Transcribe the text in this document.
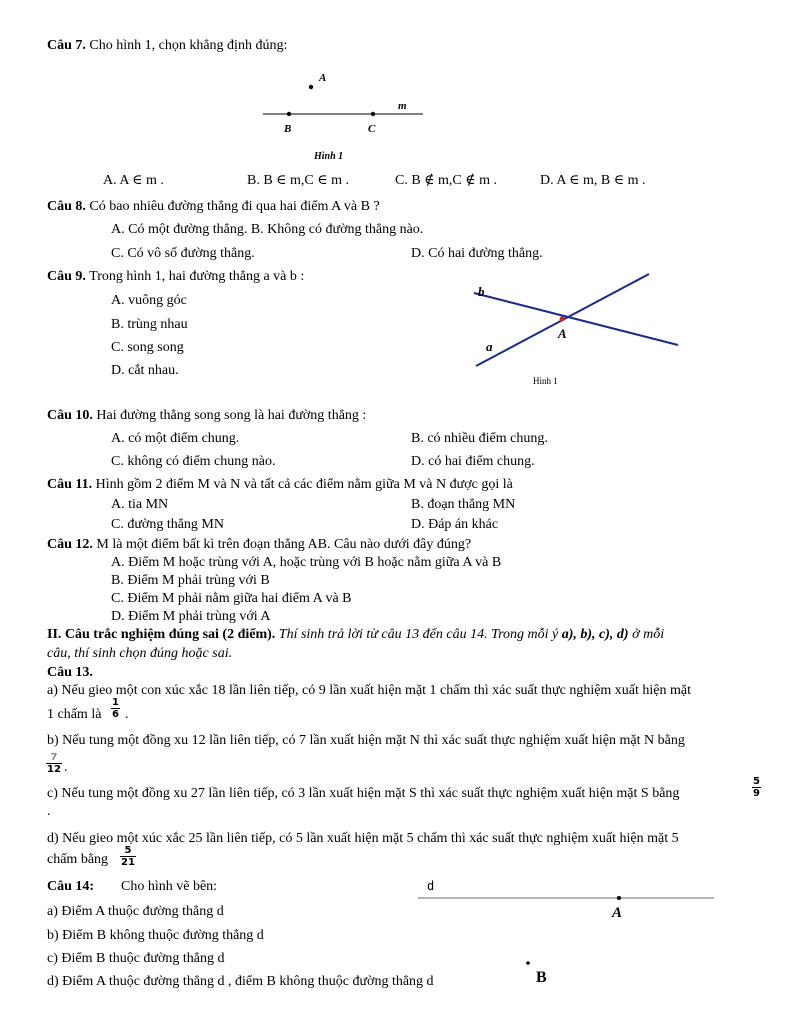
Câu 7. Cho hình 1, chọn khẳng định đúng:
A
m
B	C
Hình 1
A. A ∈ m .	B. B ∈ m,C ∈ m .	C. B ∉ m,C ∉ m .	D. A ∈ m, B ∈ m .
Câu 8. Có bao nhiêu đường thẳng đi qua hai điểm A và B ?
A. Có một đường thẳng. B. Không có đường thẳng nào.
C. Có vô số đường thẳng.	D. Có hai đường thẳng.
Câu 9. Trong hình 1, hai đường thẳng a và b :
A. vuông góc
B. trùng nhau
C. song song
D. cắt nhau.
b
a
A
Hình 1
Câu 10. Hai đường thẳng song song là hai đường thẳng :
A. có một điểm chung.	B. có nhiều điểm chung.
C. không có điểm chung nào.	D. có hai điểm chung.
Câu 11. Hình gồm 2 điểm M và N và tất cả các điểm nằm giữa M và N được gọi là
A. tia MN	B. đoạn thẳng MN
C. đường thẳng MN	D. Đáp án khác
Câu 12. M là một điểm bất kì trên đoạn thẳng AB. Câu nào dưới đây đúng?
A. Điểm M hoặc trùng với A, hoặc trùng với B hoặc nằm giữa A và B
B. Điểm M phải trùng với B
C. Điểm M phải nằm giữa hai điểm A và B
D. Điểm M phải trùng với A
II. Câu trắc nghiệm đúng sai (2 điểm). Thí sinh trả lời từ câu 13 đến câu 14. Trong mỗi ý a), b), c), d) ở mỗi
câu, thí sinh chọn đúng hoặc sai.
Câu 13.
a) Nếu gieo một con xúc xắc 18 lần liên tiếp, có 9 lần xuất hiện mặt 1 chấm thì xác suất thực nghiệm xuất hiện mặt
1 chấm là $\frac{1}{6}$ .
b) Nếu tung một đồng xu 12 lần liên tiếp, có 7 lần xuất hiện mặt N thì xác suất thực nghiệm xuất hiện mặt N bằng
$\frac{7}{12}$ .
c) Nếu tung một đồng xu 27 lần liên tiếp, có 3 lần xuất hiện mặt S thì xác suất thực nghiệm xuất hiện mặt S bằng	$\frac{5}{9}$
.
d) Nếu gieo một xúc xắc 25 lần liên tiếp, có 5 lần xuất hiện mặt 5 chấm thì xác suất thực nghiệm xuất hiện mặt 5
chấm bằng $\frac{5}{21}$
Câu 14: Cho hình vẽ bên:
a) Điểm A thuộc đường thẳng d
b) Điểm B không thuộc đường thẳng d
c) Điểm B thuộc đường thẳng d
d) Điểm A thuộc đường thẳng d , điểm B không thuộc đường thẳng d
d
A
B
